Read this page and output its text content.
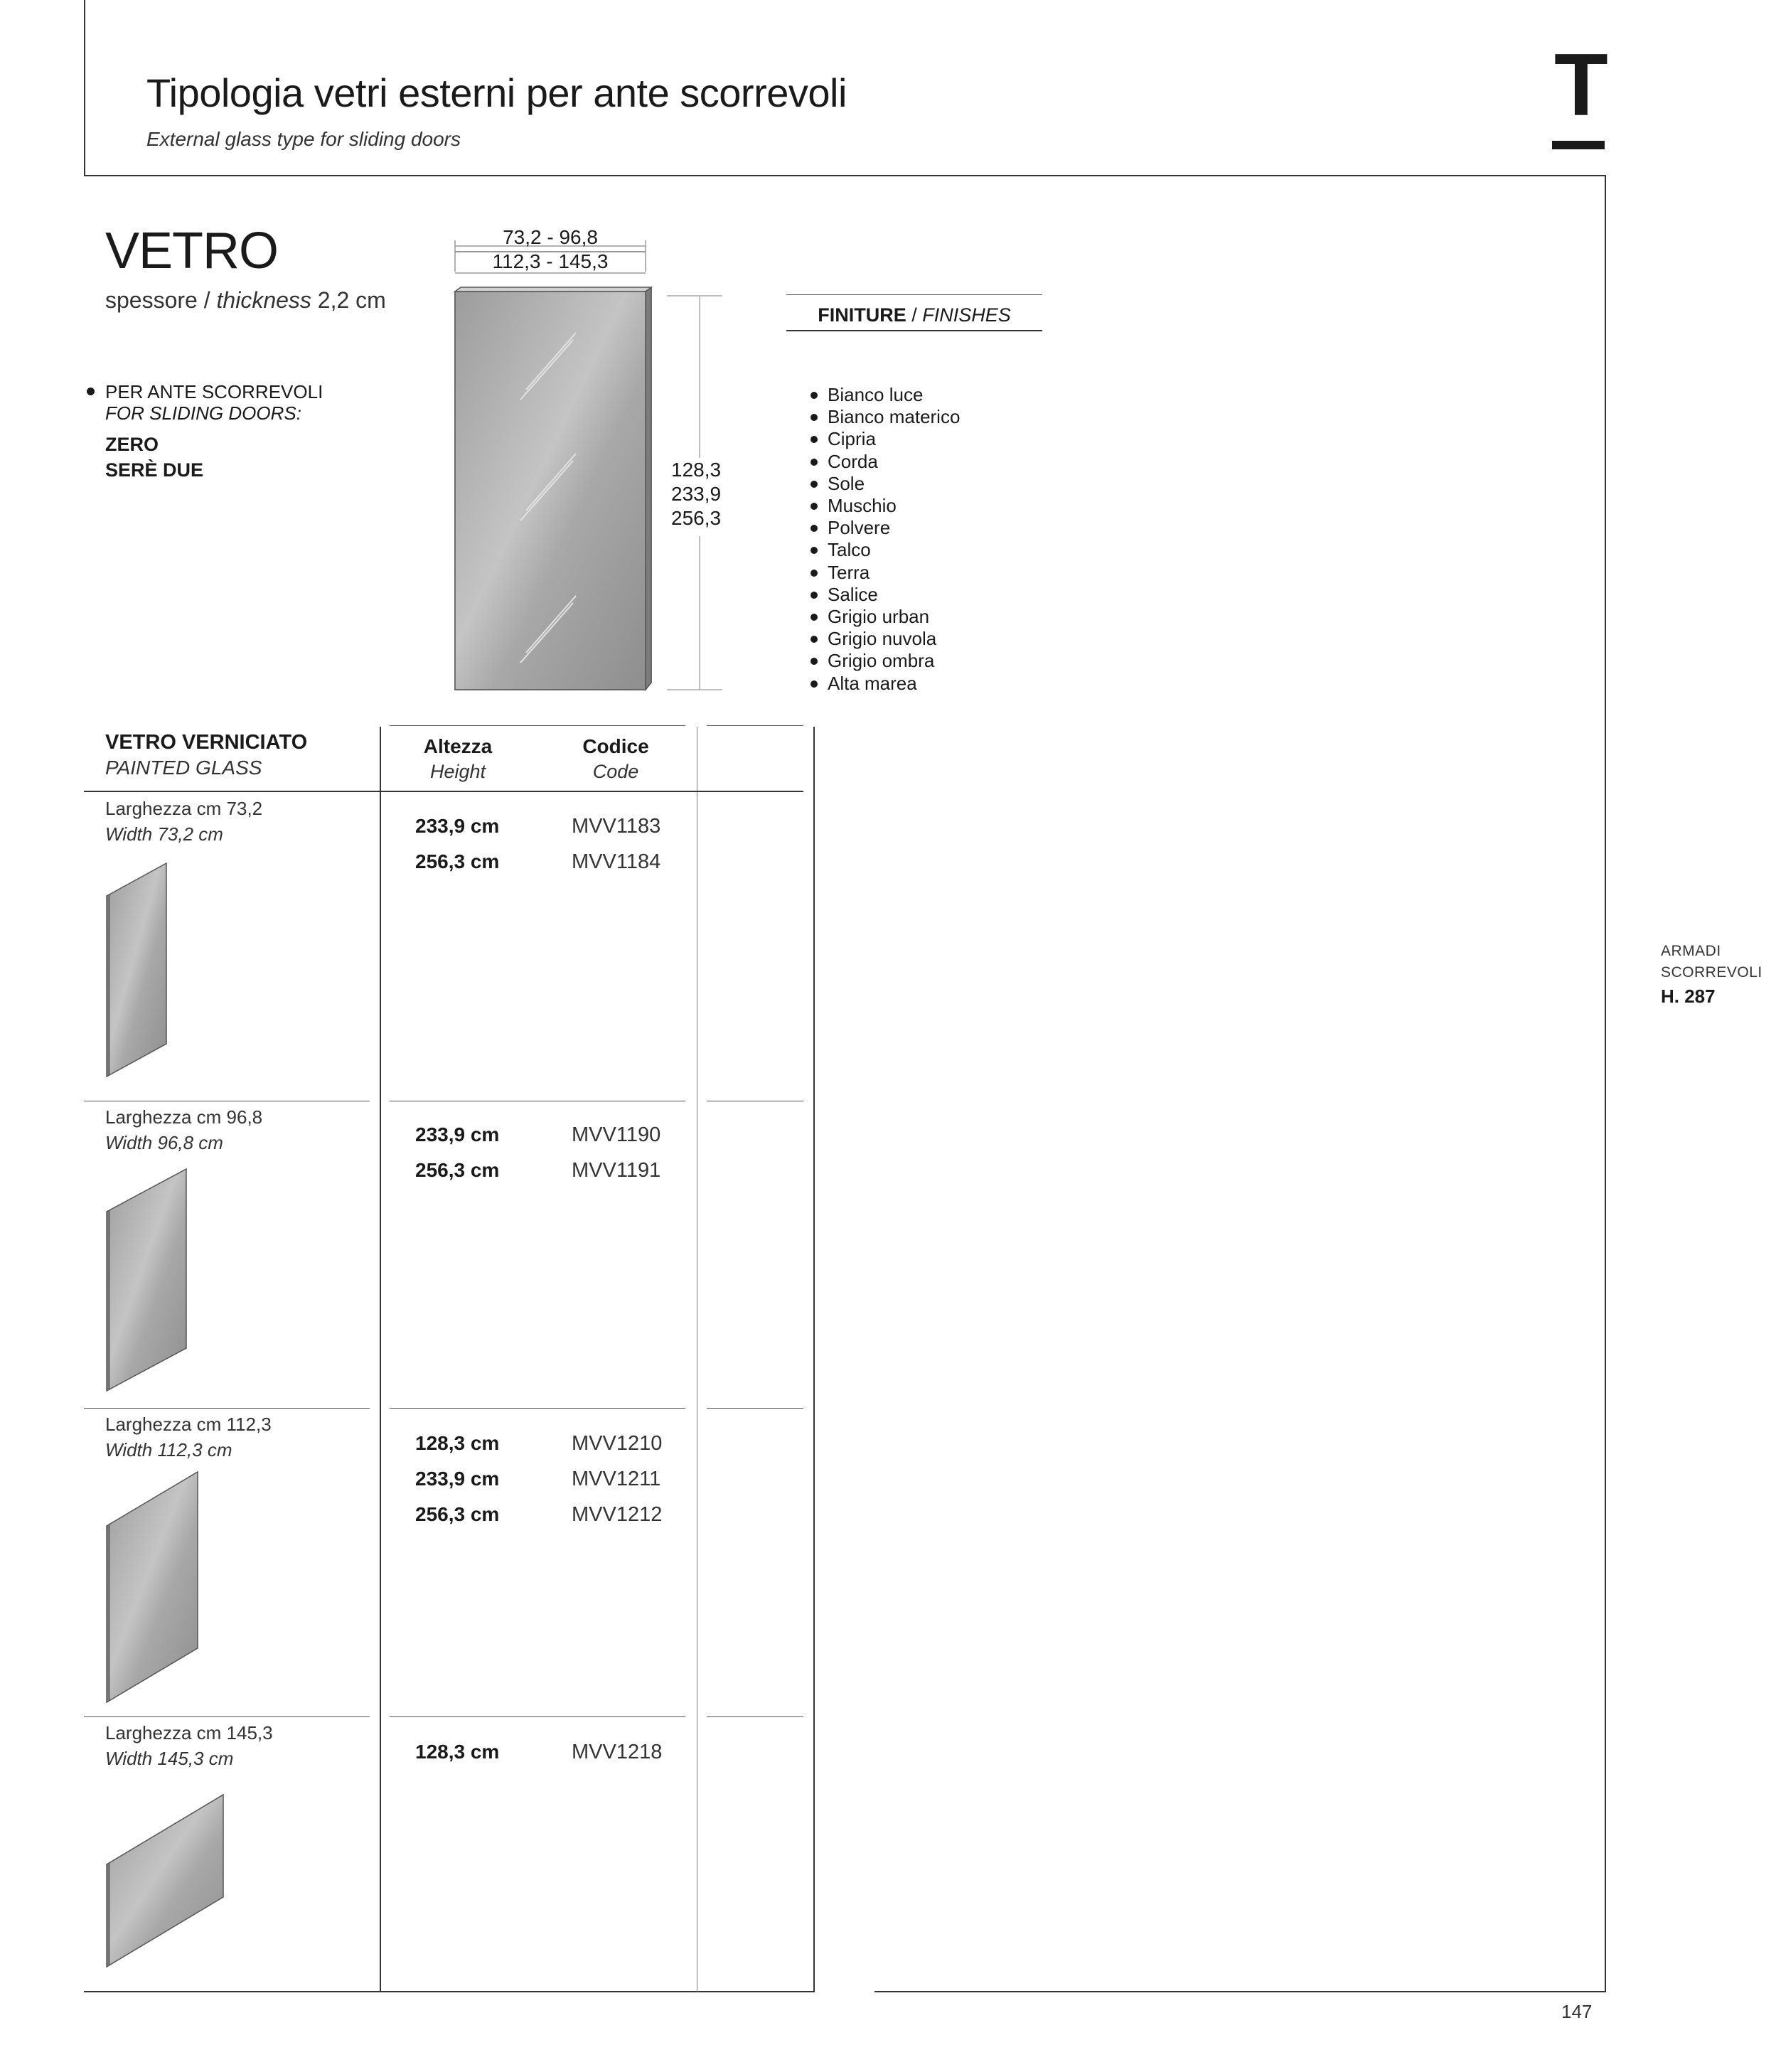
Tipologia vetri esterni per ante scorrevoli
External glass type for sliding doors
T
VETRO
spessore / thickness 2,2 cm
PER ANTE SCORREVOLI
FOR SLIDING DOORS:
ZERO
SERÈ DUE
73,2 - 96,8
112,3 - 145,3
128,3
233,9
256,3
FINITURE / FINISHES
Bianco luce
Bianco materico
Cipria
Corda
Sole
Muschio
Polvere
Talco
Terra
Salice
Grigio urban
Grigio nuvola
Grigio ombra
Alta marea
VETRO VERNICIATO
PAINTED GLASS
Altezza
Height
Codice
Code
Larghezza cm 73,2
Width 73,2 cm	233,9 cm	MVV1183
256,3 cm	MVV1184
Larghezza cm 96,8
Width 96,8 cm	233,9 cm	MVV1190
256,3 cm	MVV1191
Larghezza cm 112,3
Width 112,3 cm	128,3 cm	MVV1210
233,9 cm	MVV1211
256,3 cm	MVV1212
Larghezza cm 145,3
Width 145,3 cm	128,3 cm	MVV1218
ARMADI
SCORREVOLI
H. 287
147
